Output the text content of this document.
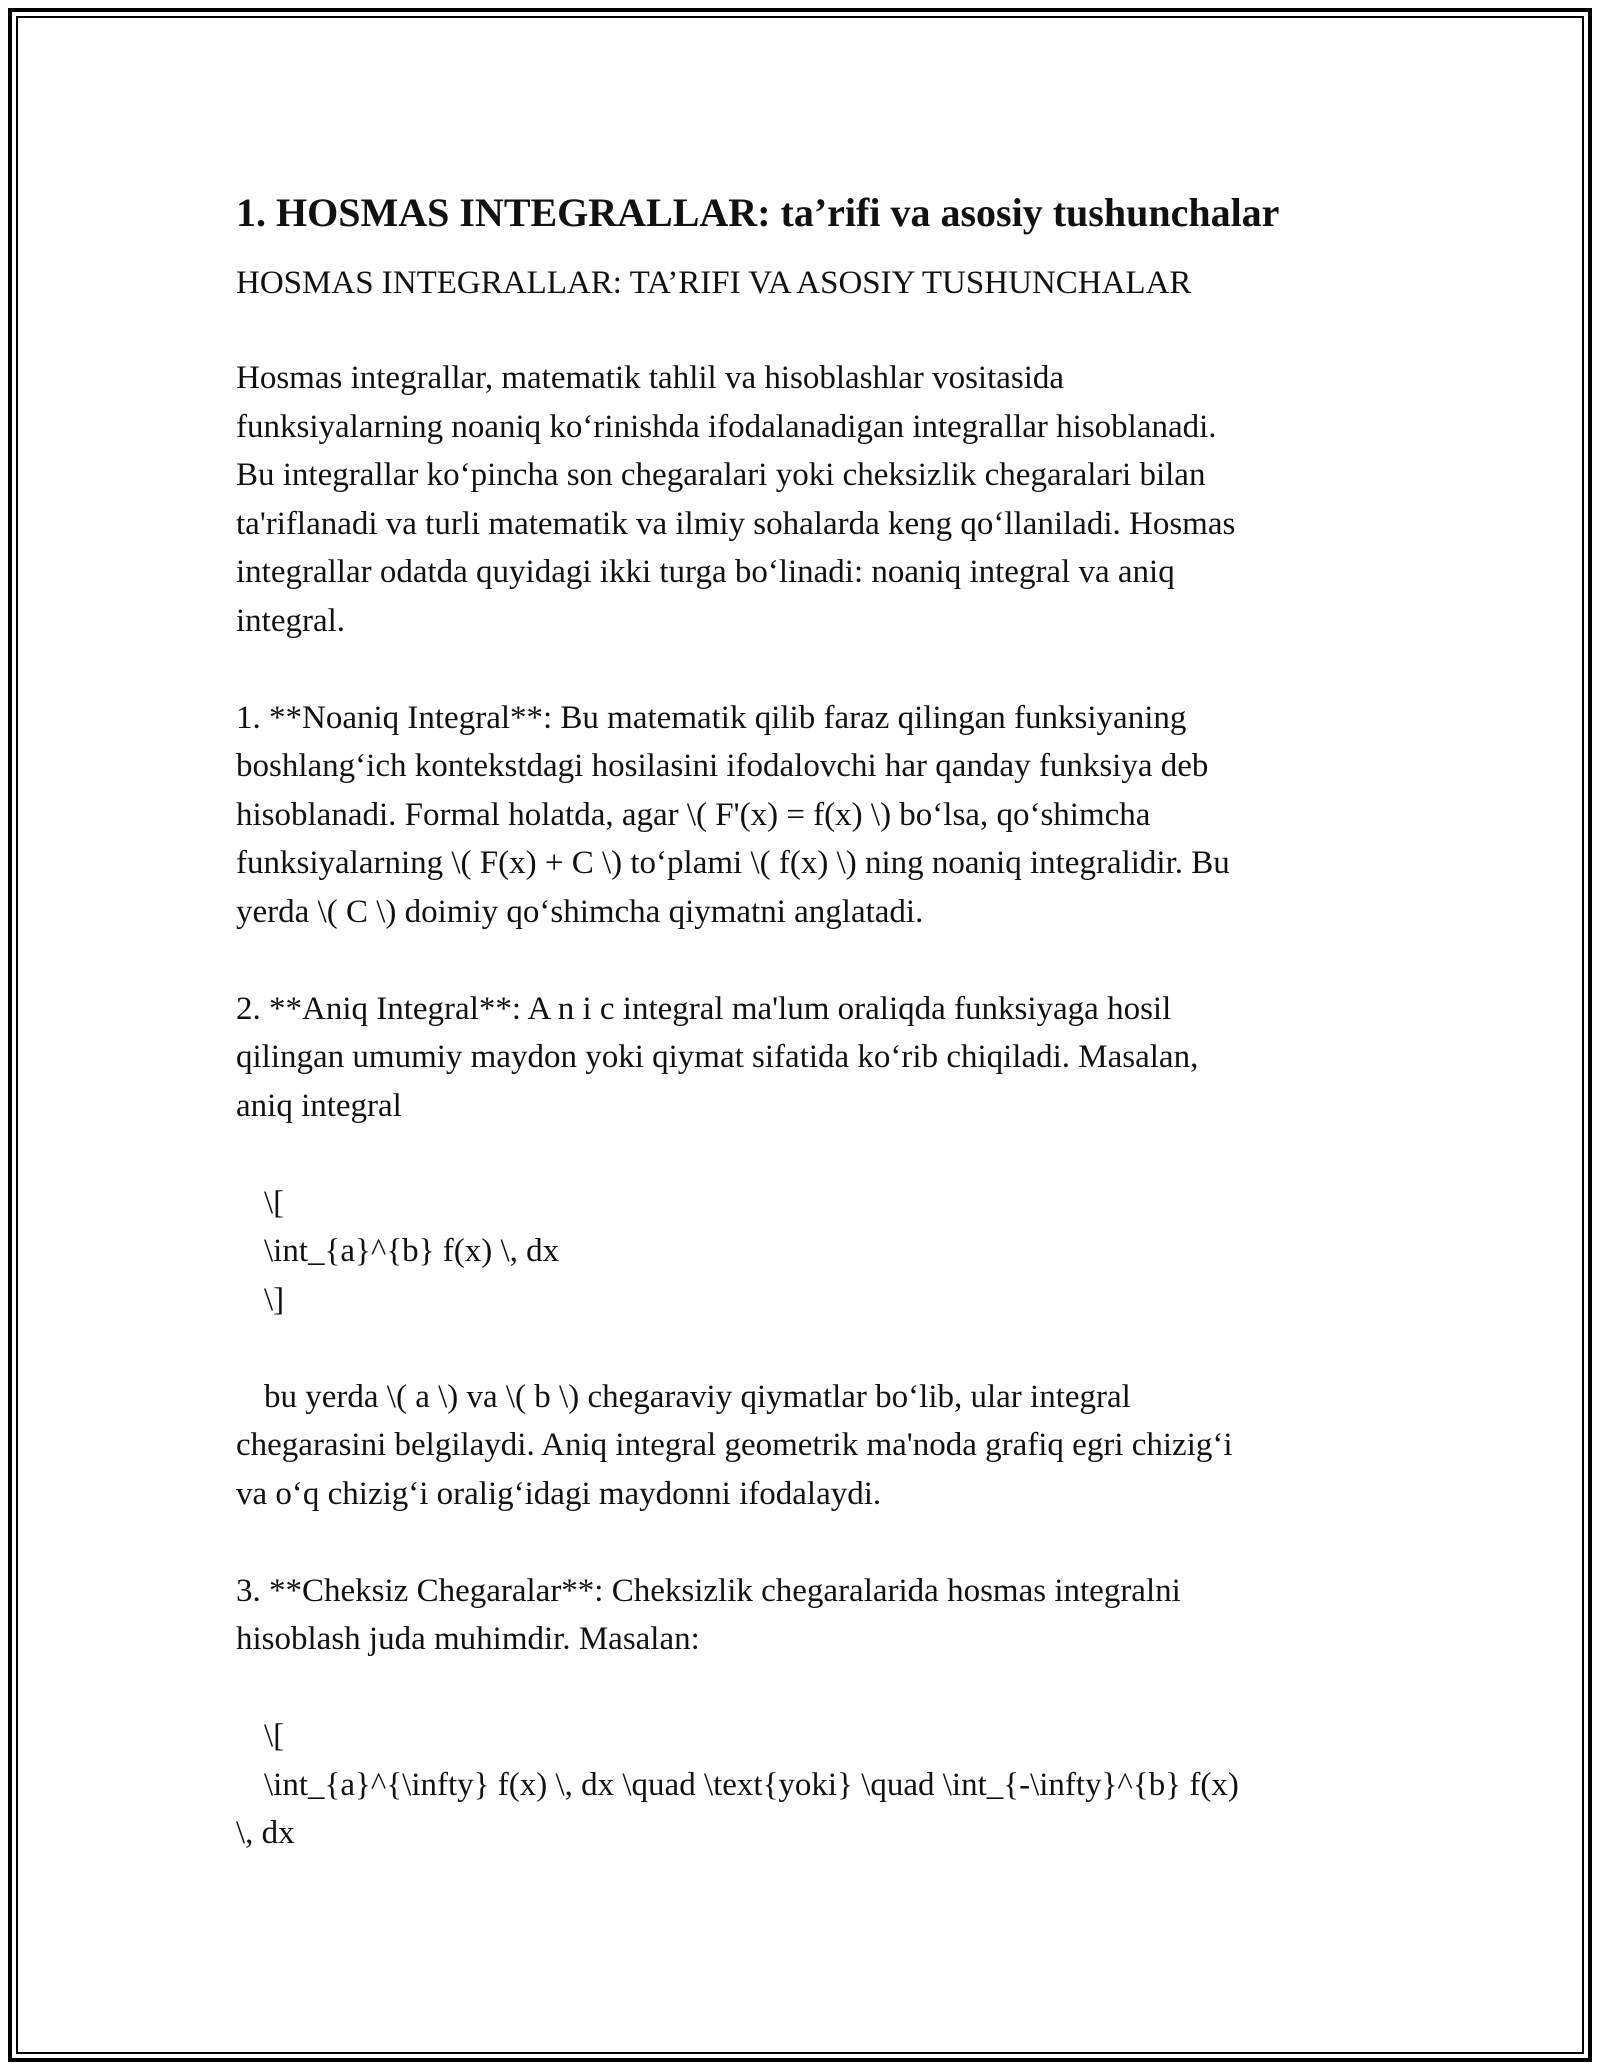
1. HOSMAS INTEGRALLAR: ta’rifi va asosiy tushunchalar
HOSMAS INTEGRALLAR: TA’RIFI VA ASOSIY TUSHUNCHALAR
Hosmas integrallar, matematik tahlil va hisoblashlar vositasida
funksiyalarning noaniq ko‘rinishda ifodalanadigan integrallar hisoblanadi.
Bu integrallar ko‘pincha son chegaralari yoki cheksizlik chegaralari bilan
ta'riflanadi va turli matematik va ilmiy sohalarda keng qo‘llaniladi. Hosmas
integrallar odatda quyidagi ikki turga bo‘linadi: noaniq integral va aniq
integral.
1. **Noaniq Integral**: Bu matematik qilib faraz qilingan funksiyaning
boshlang‘ich kontekstdagi hosilasini ifodalovchi har qanday funksiya deb
hisoblanadi. Formal holatda, agar \( F'(x) = f(x) \) bo‘lsa, qo‘shimcha
funksiyalarning \( F(x) + C \) to‘plami \( f(x) \) ning noaniq integralidir. Bu
yerda \( C \) doimiy qo‘shimcha qiymatni anglatadi.
2. **Aniq Integral**: A n i c integral ma'lum oraliqda funksiyaga hosil
qilingan umumiy maydon yoki qiymat sifatida ko‘rib chiqiladi. Masalan,
aniq integral
\[
\int_{a}^{b} f(x) \, dx
\]
bu yerda \( a \) va \( b \) chegaraviy qiymatlar bo‘lib, ular integral
chegarasini belgilaydi. Aniq integral geometrik ma'noda grafiq egri chizig‘i
va o‘q chizig‘i oralig‘idagi maydonni ifodalaydi.
3. **Cheksiz Chegaralar**: Cheksizlik chegaralarida hosmas integralni
hisoblash juda muhimdir. Masalan:
\[
\int_{a}^{\infty} f(x) \, dx \quad \text{yoki} \quad \int_{-\infty}^{b} f(x)
\, dx
